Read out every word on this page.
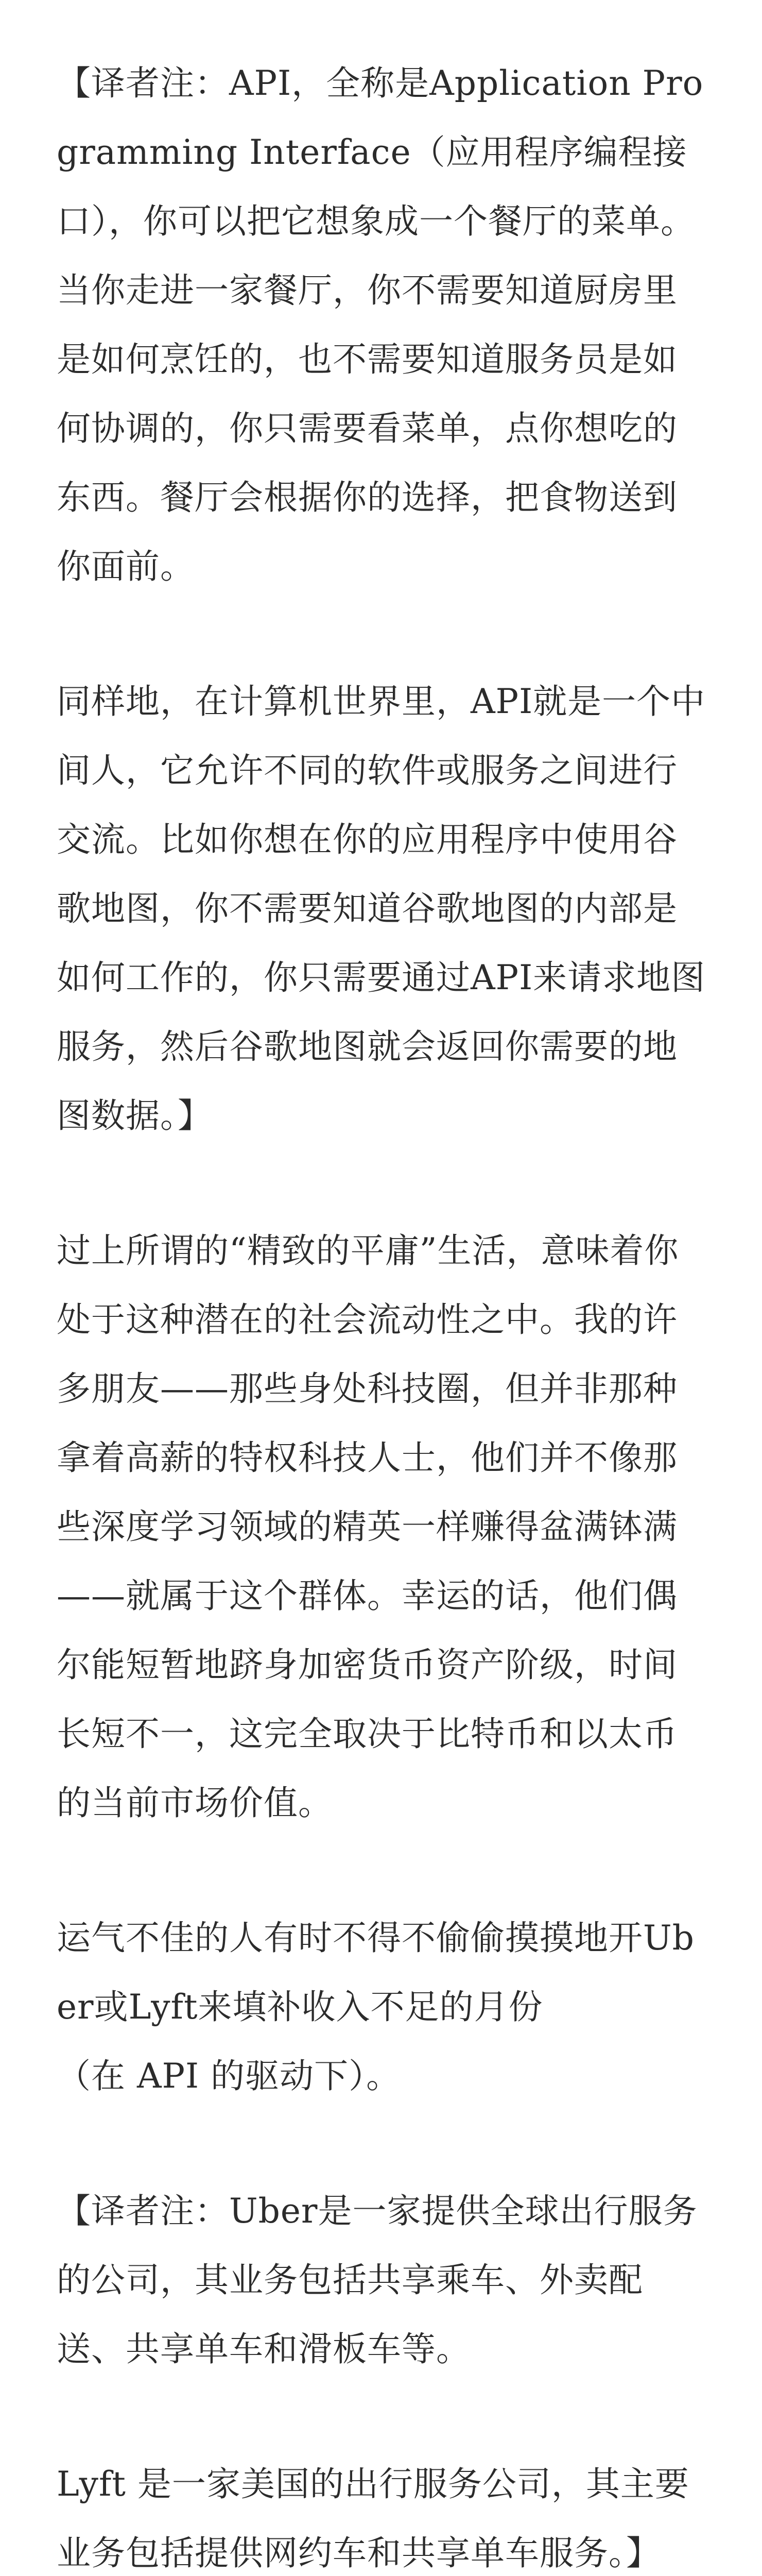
【译者注：API，全称是Application Programming Interface（应用程序编程接口），你可以把它想象成一个餐厅的菜单。当你走进一家餐厅，你不需要知道厨房里是如何烹饪的，也不需要知道服务员是如何协调的，你只需要看菜单，点你想吃的东西。餐厅会根据你的选择，把食物送到你面前。

同样地，在计算机世界里，API就是一个中间人，它允许不同的软件或服务之间进行交流。比如你想在你的应用程序中使用谷歌地图，你不需要知道谷歌地图的内部是如何工作的，你只需要通过API来请求地图服务，然后谷歌地图就会返回你需要的地图数据。】

过上所谓的“精致的平庸”生活，意味着你处于这种潜在的社会流动性之中。我的许多朋友——那些身处科技圈，但并非那种拿着高薪的特权科技人士，他们并不像那些深度学习领域的精英一样赚得盆满钵满——就属于这个群体。幸运的话，他们偶尔能短暂地跻身加密货币资产阶级，时间长短不一，这完全取决于比特币和以太币的当前市场价值。

运气不佳的人有时不得不偷偷摸摸地开Uber或Lyft来填补收入不足的月份
（在 API 的驱动下）。

【译者注：Uber是一家提供全球出行服务的公司，其业务包括共享乘车、外卖配送、共享单车和滑板车等。

Lyft 是一家美国的出行服务公司，其主要业务包括提供网约车和共享单车服务。】
